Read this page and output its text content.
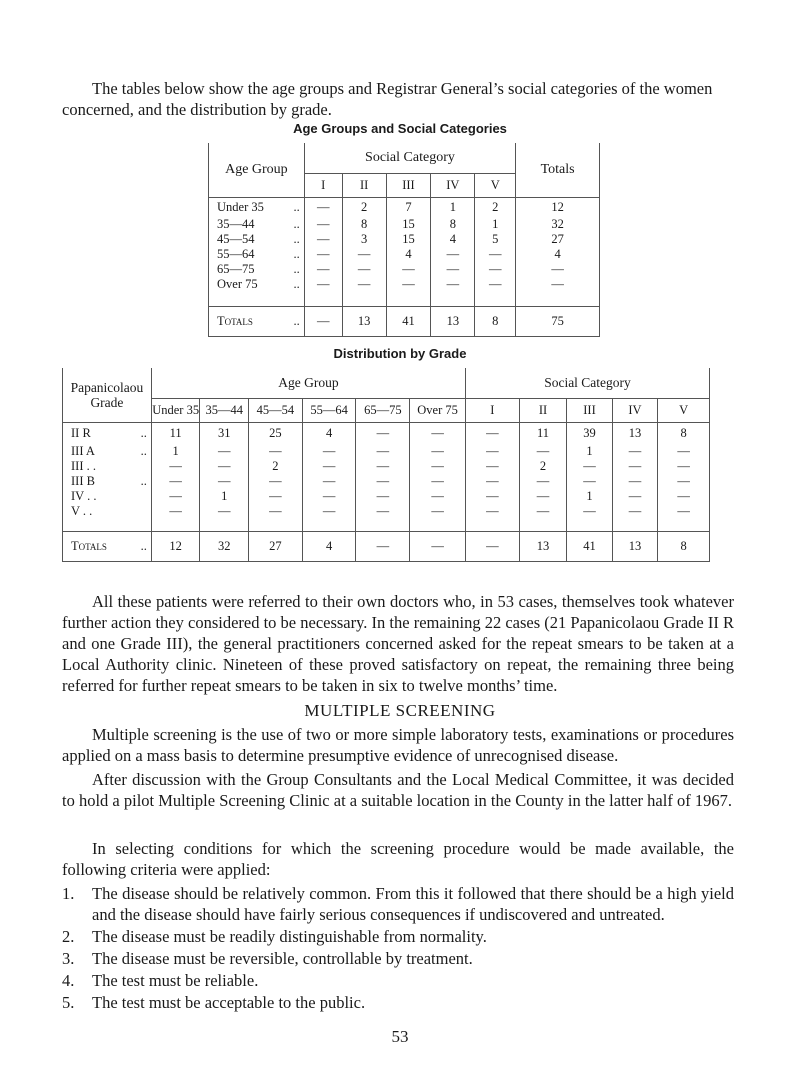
The tables below show the age groups and Registrar General’s social categories of the women concerned, and the distribution by grade.
Age Groups and Social Categories
Age Group	Social Category					Totals
	I	II	III	IV	V	
Under 35 ..	—	2	7	1	2	12
35—44 ..	—	8	15	8	1	32
45—54 ..	—	3	15	4	5	27
55—64 ..	—	—	4	—	—	4
65—75 ..	—	—	—	—	—	—
Over 75 ..	—	—	—	—	—	—

Totals ..	—	13	41	13	8	75
Distribution by Grade
Papanicolaou Grade	Age Group						Social Category				
	Under 35	35—44	45—54	55—64	65—75	Over 75	I	II	III	IV	V
II R ..	11	31	25	4	—	—	—	11	39	13	8
III A ..	1	—	—	—	—	—	—	—	1	—	—
III . .	—	—	2	—	—	—	—	2	—	—	—
III B ..	—	—	—	—	—	—	—	—	—	—	—
IV . .	—	1	—	—	—	—	—	—	1	—	—
V . .	—	—	—	—	—	—	—	—	—	—	—

Totals ..	12	32	27	4	—	—	—	13	41	13	8
All these patients were referred to their own doctors who, in 53 cases, themselves took whatever further action they considered to be necessary. In the remaining 22 cases (21 Papanicolaou Grade II R and one Grade III), the general practitioners concerned asked for the repeat smears to be taken at a Local Authority clinic. Nineteen of these proved satisfactory on repeat, the remaining three being referred for further repeat smears to be taken in six to twelve months’ time.
MULTIPLE SCREENING
Multiple screening is the use of two or more simple laboratory tests, examinations or procedures applied on a mass basis to determine presumptive evidence of unrecognised disease.
After discussion with the Group Consultants and the Local Medical Committee, it was decided to hold a pilot Multiple Screening Clinic at a suitable location in the County in the latter half of 1967.
In selecting conditions for which the screening procedure would be made available, the following criteria were applied:
1. The disease should be relatively common. From this it followed that there should be a high yield and the disease should have fairly serious consequences if undiscovered and untreated.
2. The disease must be readily distinguishable from normality.
3. The disease must be reversible, controllable by treatment.
4. The test must be reliable.
5. The test must be acceptable to the public.
53
